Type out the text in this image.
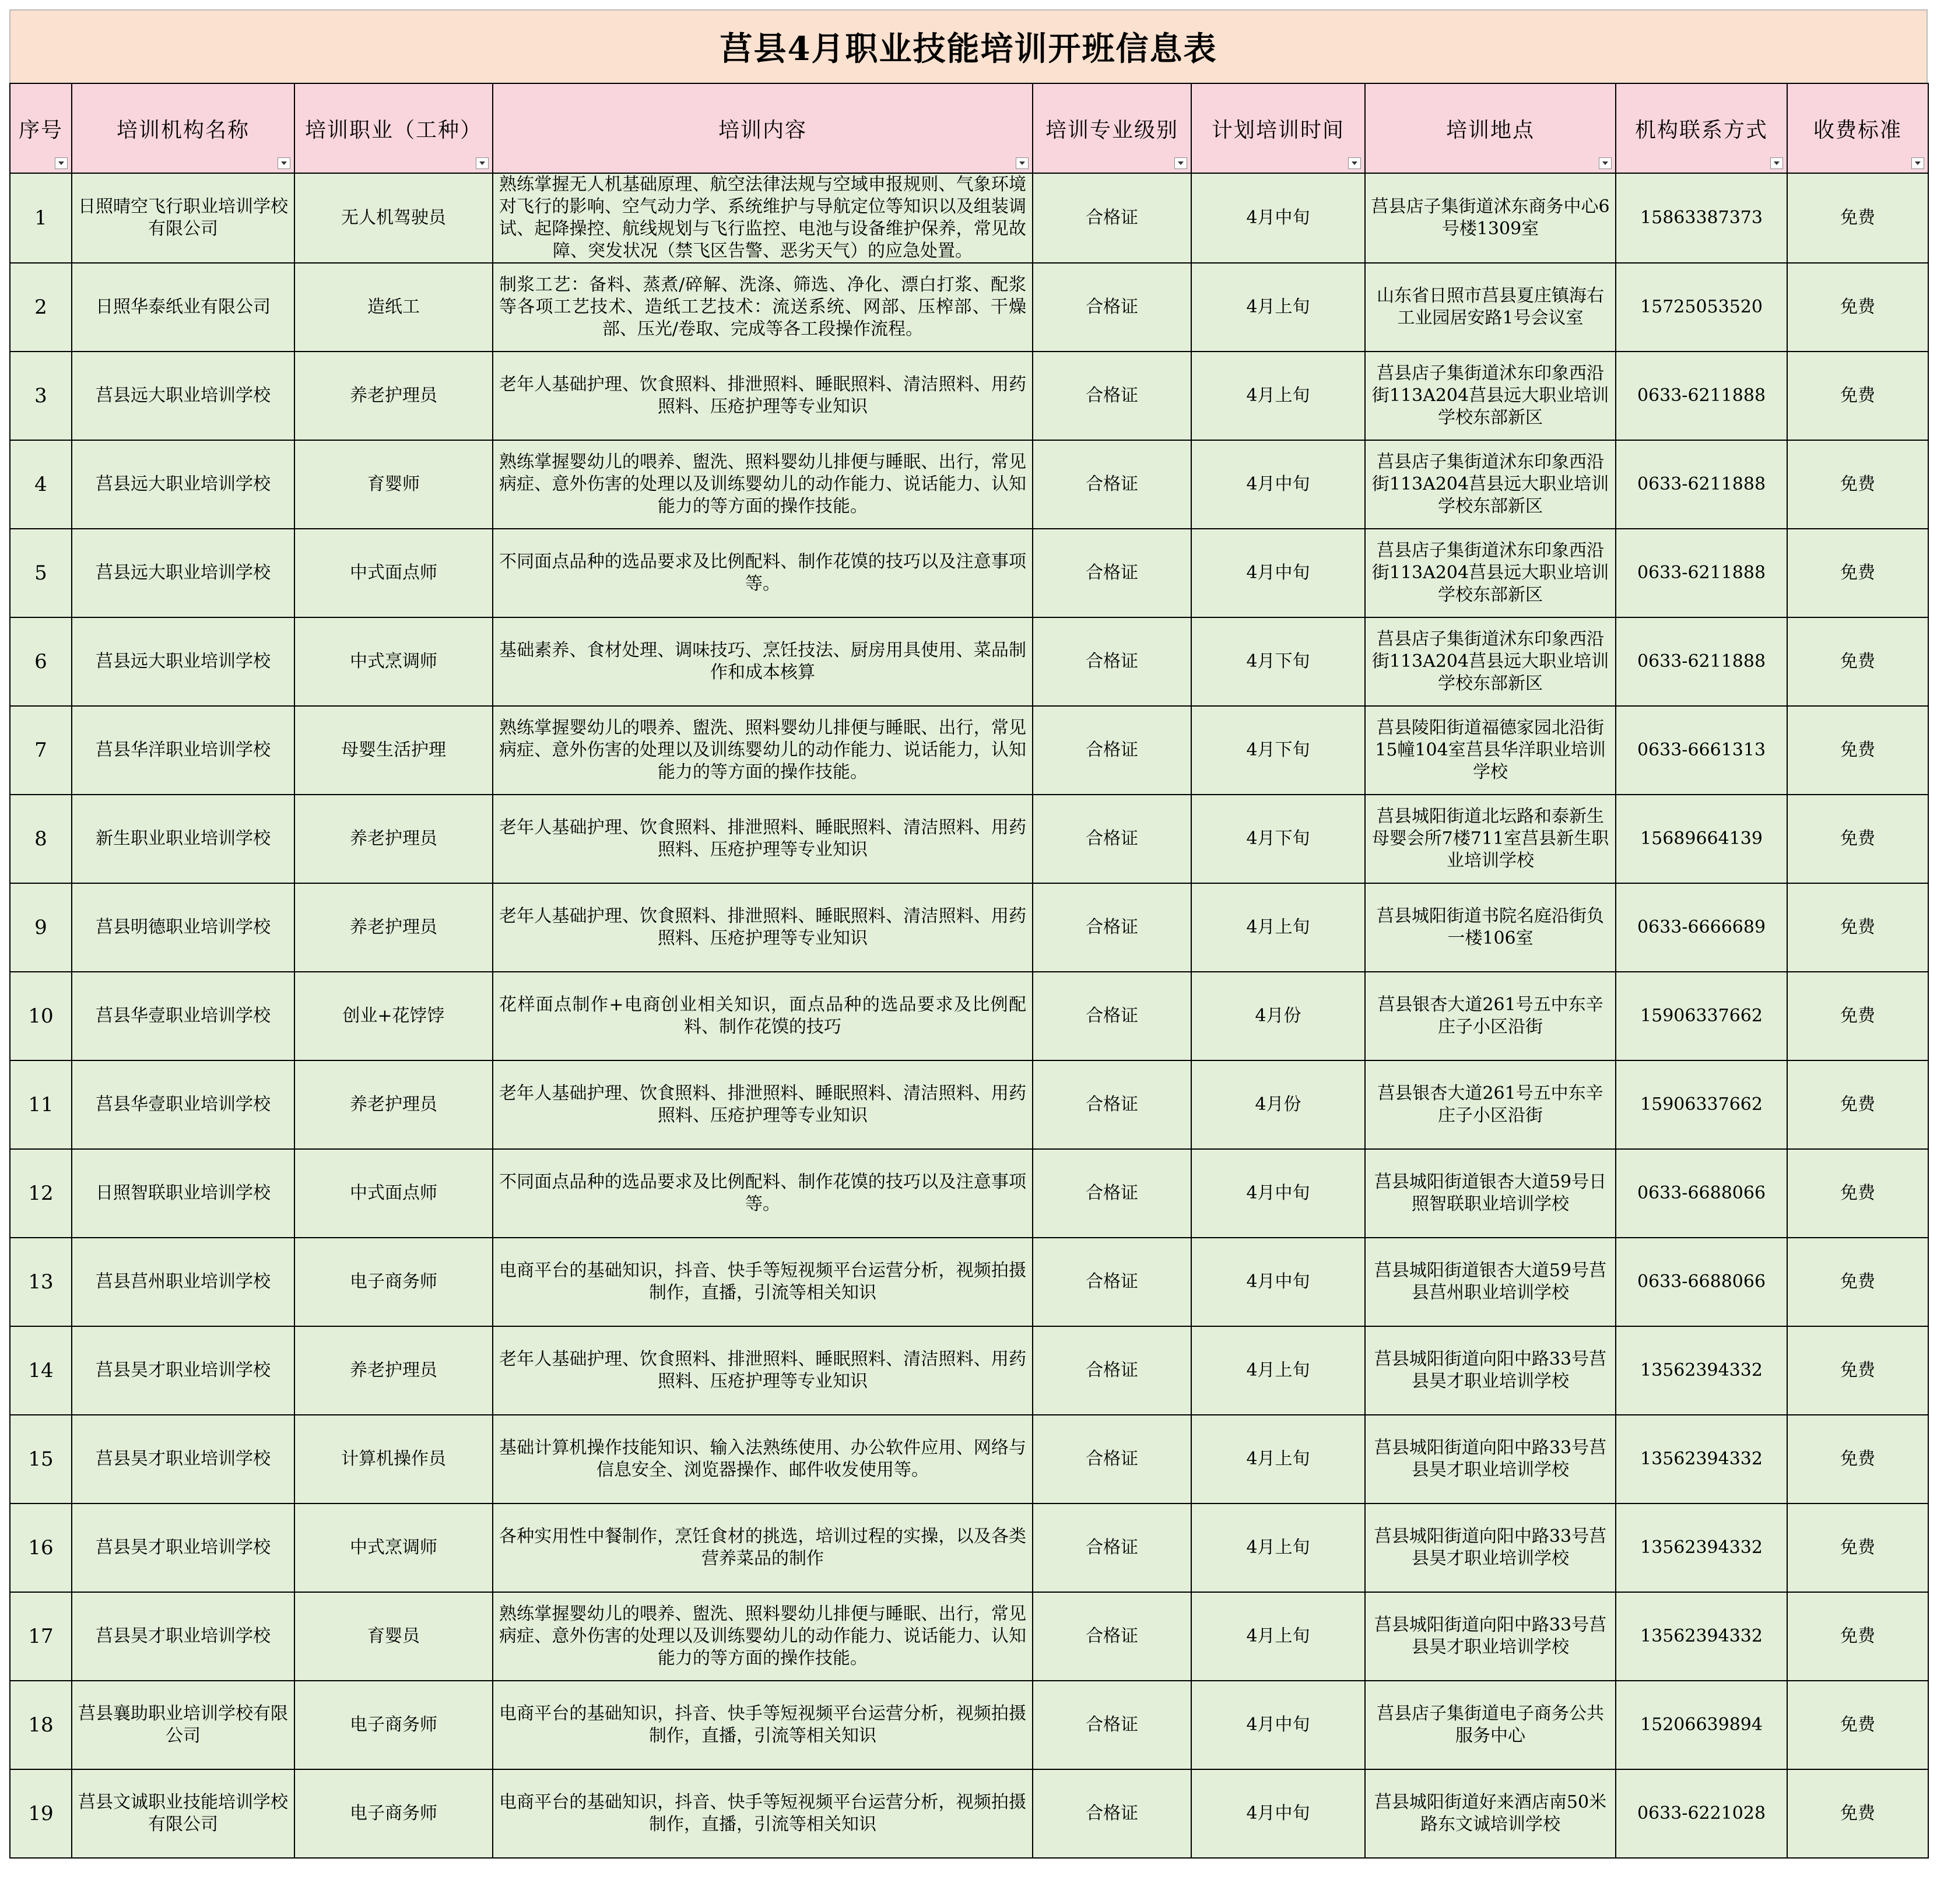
莒县4月职业技能培训开班信息表
序号	培训机构名称	培训职业（工种）	培训内容	培训专业级别	计划培训时间	培训地点	机构联系方式	收费标准

1	日照晴空飞行职业培训学校有限公司	无人机驾驶员	熟练掌握无人机基础原理、航空法律法规与空域申报规则、气象环境对飞行的影响、空气动力学、系统维护与导航定位等知识以及组装调试、起降操控、航线规划与飞行监控、电池与设备维护保养，常见故障、突发状况（禁飞区告警、恶劣天气）的应急处置。	合格证	4月中旬	莒县店子集街道沭东商务中心6号楼1309室	15863387373	免费
2	日照华泰纸业有限公司	造纸工	制浆工艺：备料、蒸煮/碎解、洗涤、筛选、净化、漂白打浆、配浆等各项工艺技术、造纸工艺技术：流送系统、网部、压榨部、干燥部、压光/卷取、完成等各工段操作流程。	合格证	4月上旬	山东省日照市莒县夏庄镇海右工业园居安路1号会议室	15725053520	免费
3	莒县远大职业培训学校	养老护理员	老年人基础护理、饮食照料、排泄照料、睡眠照料、清洁照料、用药照料、压疮护理等专业知识	合格证	4月上旬	莒县店子集街道沭东印象西沿街113A204莒县远大职业培训学校东部新区	0633-6211888	免费
4	莒县远大职业培训学校	育婴师	熟练掌握婴幼儿的喂养、盥洗、照料婴幼儿排便与睡眠、出行，常见病症、意外伤害的处理以及训练婴幼儿的动作能力、说话能力、认知能力的等方面的操作技能。	合格证	4月中旬	莒县店子集街道沭东印象西沿街113A204莒县远大职业培训学校东部新区	0633-6211888	免费
5	莒县远大职业培训学校	中式面点师	不同面点品种的选品要求及比例配料、制作花馍的技巧以及注意事项等。	合格证	4月中旬	莒县店子集街道沭东印象西沿街113A204莒县远大职业培训学校东部新区	0633-6211888	免费
6	莒县远大职业培训学校	中式烹调师	基础素养、食材处理、调味技巧、烹饪技法、厨房用具使用、菜品制作和成本核算	合格证	4月下旬	莒县店子集街道沭东印象西沿街113A204莒县远大职业培训学校东部新区	0633-6211888	免费
7	莒县华洋职业培训学校	母婴生活护理	熟练掌握婴幼儿的喂养、盥洗、照料婴幼儿排便与睡眠、出行，常见病症、意外伤害的处理以及训练婴幼儿的动作能力、说话能力，认知能力的等方面的操作技能。	合格证	4月下旬	莒县陵阳街道福德家园北沿街15幢104室莒县华洋职业培训学校	0633-6661313	免费
8	新生职业职业培训学校	养老护理员	老年人基础护理、饮食照料、排泄照料、睡眠照料、清洁照料、用药照料、压疮护理等专业知识	合格证	4月下旬	莒县城阳街道北坛路和泰新生母婴会所7楼711室莒县新生职业培训学校	15689664139	免费
9	莒县明德职业培训学校	养老护理员	老年人基础护理、饮食照料、排泄照料、睡眠照料、清洁照料、用药照料、压疮护理等专业知识	合格证	4月上旬	莒县城阳街道书院名庭沿街负一楼106室	0633-6666689	免费
10	莒县华壹职业培训学校	创业+花饽饽	花样面点制作+电商创业相关知识，面点品种的选品要求及比例配料、制作花馍的技巧	合格证	4月份	莒县银杏大道261号五中东辛庄子小区沿街	15906337662	免费
11	莒县华壹职业培训学校	养老护理员	老年人基础护理、饮食照料、排泄照料、睡眠照料、清洁照料、用药照料、压疮护理等专业知识	合格证	4月份	莒县银杏大道261号五中东辛庄子小区沿街	15906337662	免费
12	日照智联职业培训学校	中式面点师	不同面点品种的选品要求及比例配料、制作花馍的技巧以及注意事项等。	合格证	4月中旬	莒县城阳街道银杏大道59号日照智联职业培训学校	0633-6688066	免费
13	莒县莒州职业培训学校	电子商务师	电商平台的基础知识，抖音、快手等短视频平台运营分析，视频拍摄制作，直播，引流等相关知识	合格证	4月中旬	莒县城阳街道银杏大道59号莒县莒州职业培训学校	0633-6688066	免费
14	莒县昊才职业培训学校	养老护理员	老年人基础护理、饮食照料、排泄照料、睡眠照料、清洁照料、用药照料、压疮护理等专业知识	合格证	4月上旬	莒县城阳街道向阳中路33号莒县昊才职业培训学校	13562394332	免费
15	莒县昊才职业培训学校	计算机操作员	基础计算机操作技能知识、输入法熟练使用、办公软件应用、网络与信息安全、浏览器操作、邮件收发使用等。	合格证	4月上旬	莒县城阳街道向阳中路33号莒县昊才职业培训学校	13562394332	免费
16	莒县昊才职业培训学校	中式烹调师	各种实用性中餐制作，烹饪食材的挑选，培训过程的实操，以及各类营养菜品的制作	合格证	4月上旬	莒县城阳街道向阳中路33号莒县昊才职业培训学校	13562394332	免费
17	莒县昊才职业培训学校	育婴员	熟练掌握婴幼儿的喂养、盥洗、照料婴幼儿排便与睡眠、出行，常见病症、意外伤害的处理以及训练婴幼儿的动作能力、说话能力、认知能力的等方面的操作技能。	合格证	4月上旬	莒县城阳街道向阳中路33号莒县昊才职业培训学校	13562394332	免费
18	莒县襄助职业培训学校有限公司	电子商务师	电商平台的基础知识，抖音、快手等短视频平台运营分析，视频拍摄制作，直播，引流等相关知识	合格证	4月中旬	莒县店子集街道电子商务公共服务中心	15206639894	免费
19	莒县文诚职业技能培训学校有限公司	电子商务师	电商平台的基础知识，抖音、快手等短视频平台运营分析，视频拍摄制作，直播，引流等相关知识	合格证	4月中旬	莒县城阳街道好来酒店南50米路东文诚培训学校	0633-6221028	免费
